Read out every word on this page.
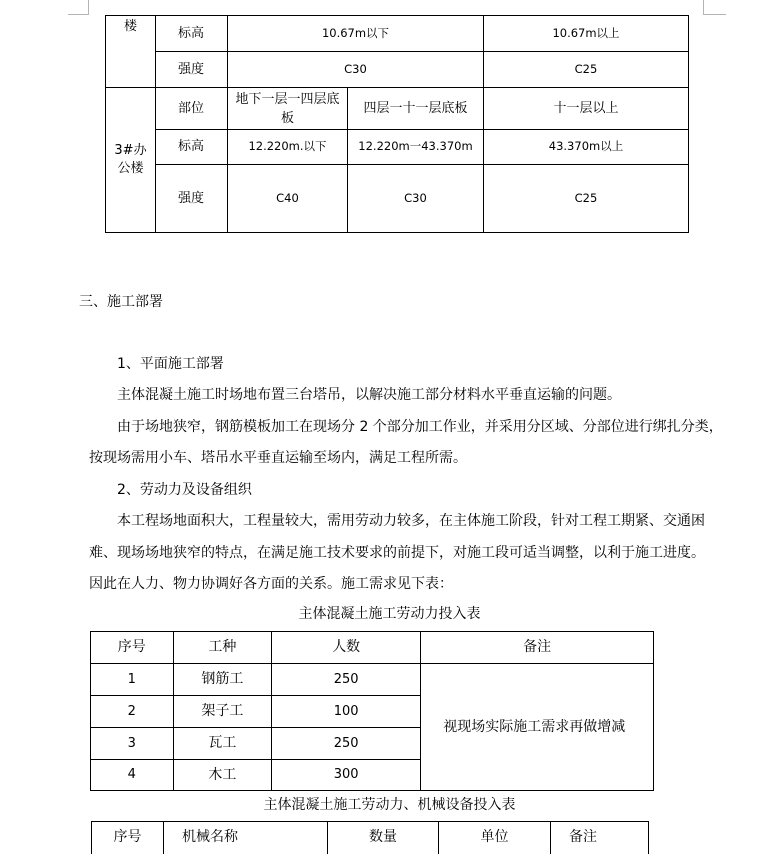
楼	标高	10.67m以下		10.67m以上
	强度	C30		C25
3#办公楼	部位	地下一层一四层底板	四层一十一层底板	十一层以上
	标高	12.220m.以下	12.220m一43.370m	43.370m以上
	强度	C40	C30	C25
三、施工部署
1、平面施工部署
主体混凝土施工时场地布置三台塔吊，以解决施工部分材料水平垂直运输的问题。
由于场地狭窄，钢筋模板加工在现场分 2 个部分加工作业，并采用分区域、分部位进行绑扎分类，
按现场需用小车、塔吊水平垂直运输至场内，满足工程所需。
2、劳动力及设备组织
本工程场地面积大，工程量较大，需用劳动力较多，在主体施工阶段，针对工程工期紧、交通困
难、现场场地狭窄的特点，在满足施工技术要求的前提下，对施工段可适当调整，以利于施工进度。
因此在人力、物力协调好各方面的关系。施工需求见下表：
主体混凝土施工劳动力投入表
序号	工种	人数	备注
1	钢筋工	250	视现场实际施工需求再做增减
2	架子工	100	
3	瓦工	250	
4	木工	300	
主体混凝土施工劳动力、机械设备投入表
序号	机械名称	数量	单位	备注
